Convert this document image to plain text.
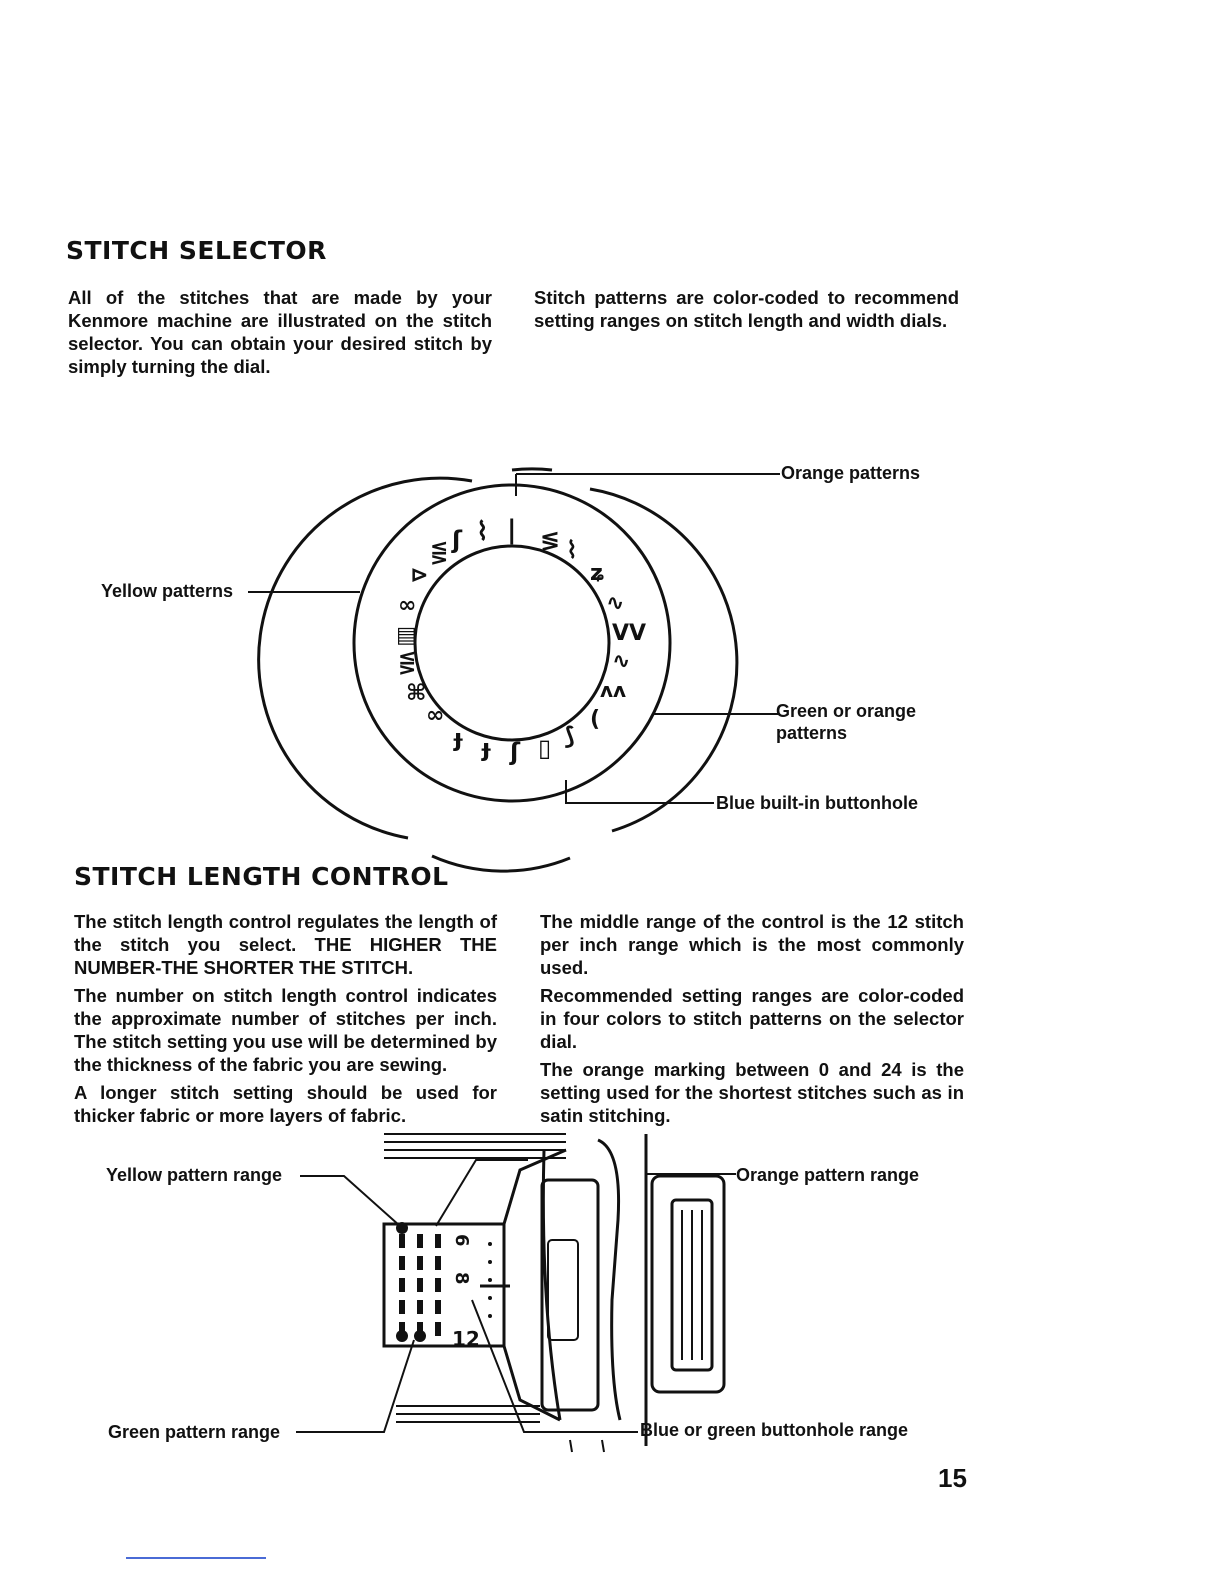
STITCH SELECTOR

All of the stitches that are made by your Kenmore machine are illustrated on the stitch selector. You can obtain your desired stitch by simply turning the dial.

Stitch patterns are color-coded to recommend setting ranges on stitch length and width dials.

| ≶ ⌇
ʑ
∿
VV
∿
ʌʌ
(
⟆
▯
ʃ
ɟ
ɟ
∞
⌘
⋚
▤
∞
⊳
⋚ ʃ ⌇
Orange patterns
Yellow patterns
Green or orange patterns
Blue built-in buttonhole
STITCH LENGTH CONTROL

The stitch length control regulates the length of the stitch you select. THE HIGHER THE NUMBER-THE SHORTER THE STITCH.

The number on stitch length control indicates the approximate number of stitches per inch. The stitch setting you use will be determined by the thickness of the fabric you are sewing.

A longer stitch setting should be used for thicker fabric or more layers of fabric.

The middle range of the control is the 12 stitch per inch range which is the most commonly used.

Recommended setting ranges are color-coded in four colors to stitch patterns on the selector dial.

The orange marking between 0 and 24 is the setting used for the shortest stitches such as in satin stitching.

6
8
12
Yellow pattern range	Orange pattern range
Green pattern range	Blue or green buttonhole range

15
